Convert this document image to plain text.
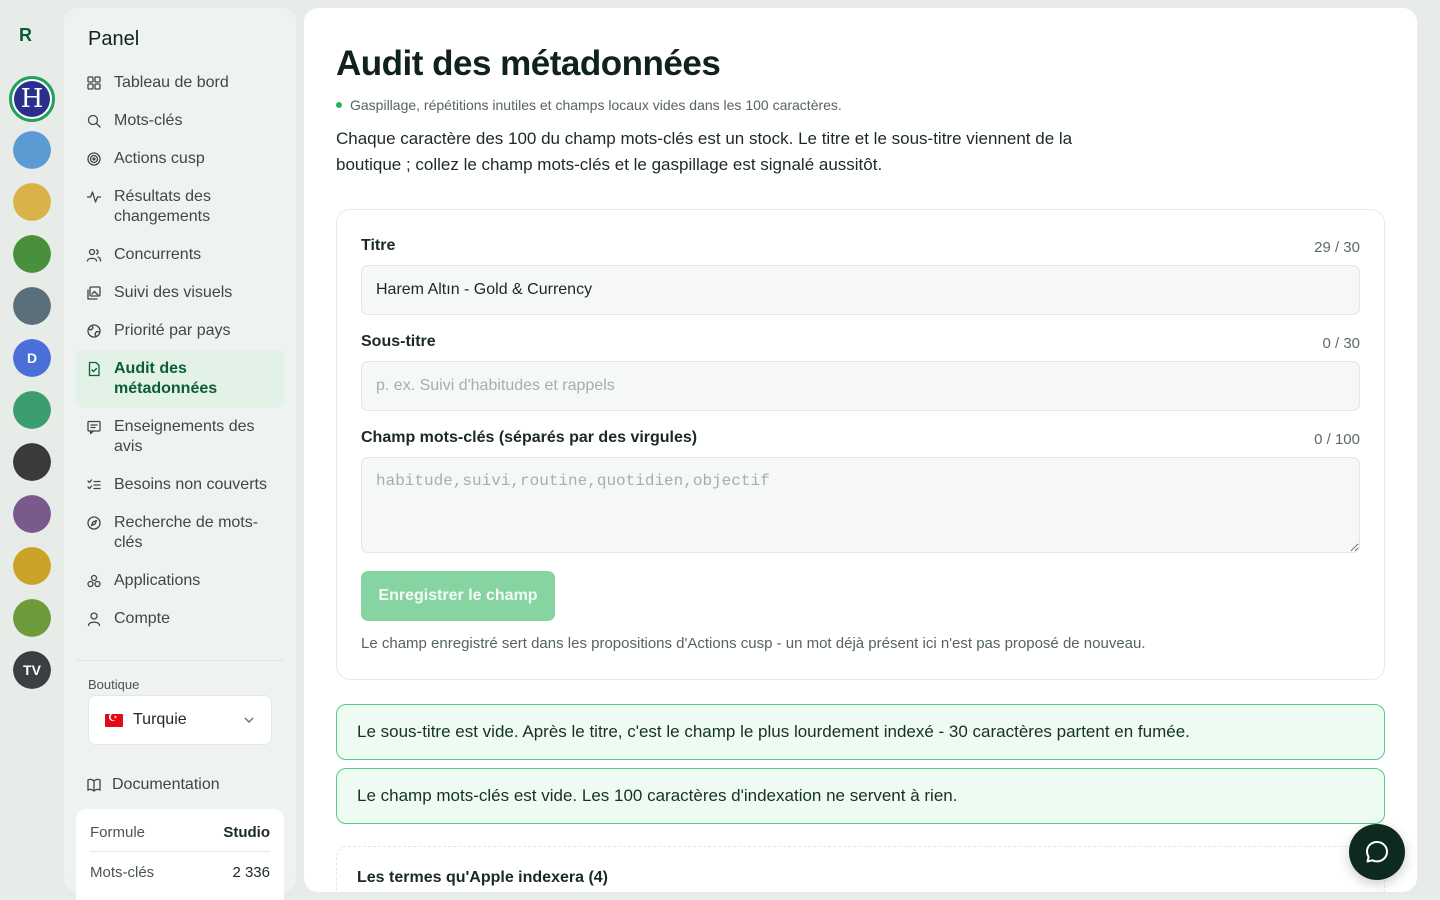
R
H
D
TV
Panel
Tableau de bord
Mots-clés
Actions cusp
Résultats des changements
Concurrents
Suivi des visuels
Priorité par pays
Audit des métadonnées
Enseignements des avis
Besoins non couverts
Recherche de mots-clés
Applications
Compte
Boutique
☪
Turquie
Documentation
Formule	Studio
Mots-clés	2 336
Audit des métadonnées
Gaspillage, répétitions inutiles et champs locaux vides dans les 100 caractères.

Chaque caractère des 100 du champ mots-clés est un stock. Le titre et le sous-titre viennent de la boutique ; collez le champ mots-clés et le gaspillage est signalé aussitôt.

Titre	29 / 30
Harem Altın - Gold & Currency
Sous-titre	0 / 30
p. ex. Suivi d'habitudes et rappels
Champ mots-clés (séparés par des virgules)	0 / 100
habitude,suivi,routine,quotidien,objectif
Enregistrer le champ
Le champ enregistré sert dans les propositions d'Actions cusp - un mot déjà présent ici n'est pas proposé de nouveau.
Le sous-titre est vide. Après le titre, c'est le champ le plus lourdement indexé - 30 caractères partent en fumée.
Le champ mots-clés est vide. Les 100 caractères d'indexation ne servent à rien.
Les termes qu'Apple indexera (4)
